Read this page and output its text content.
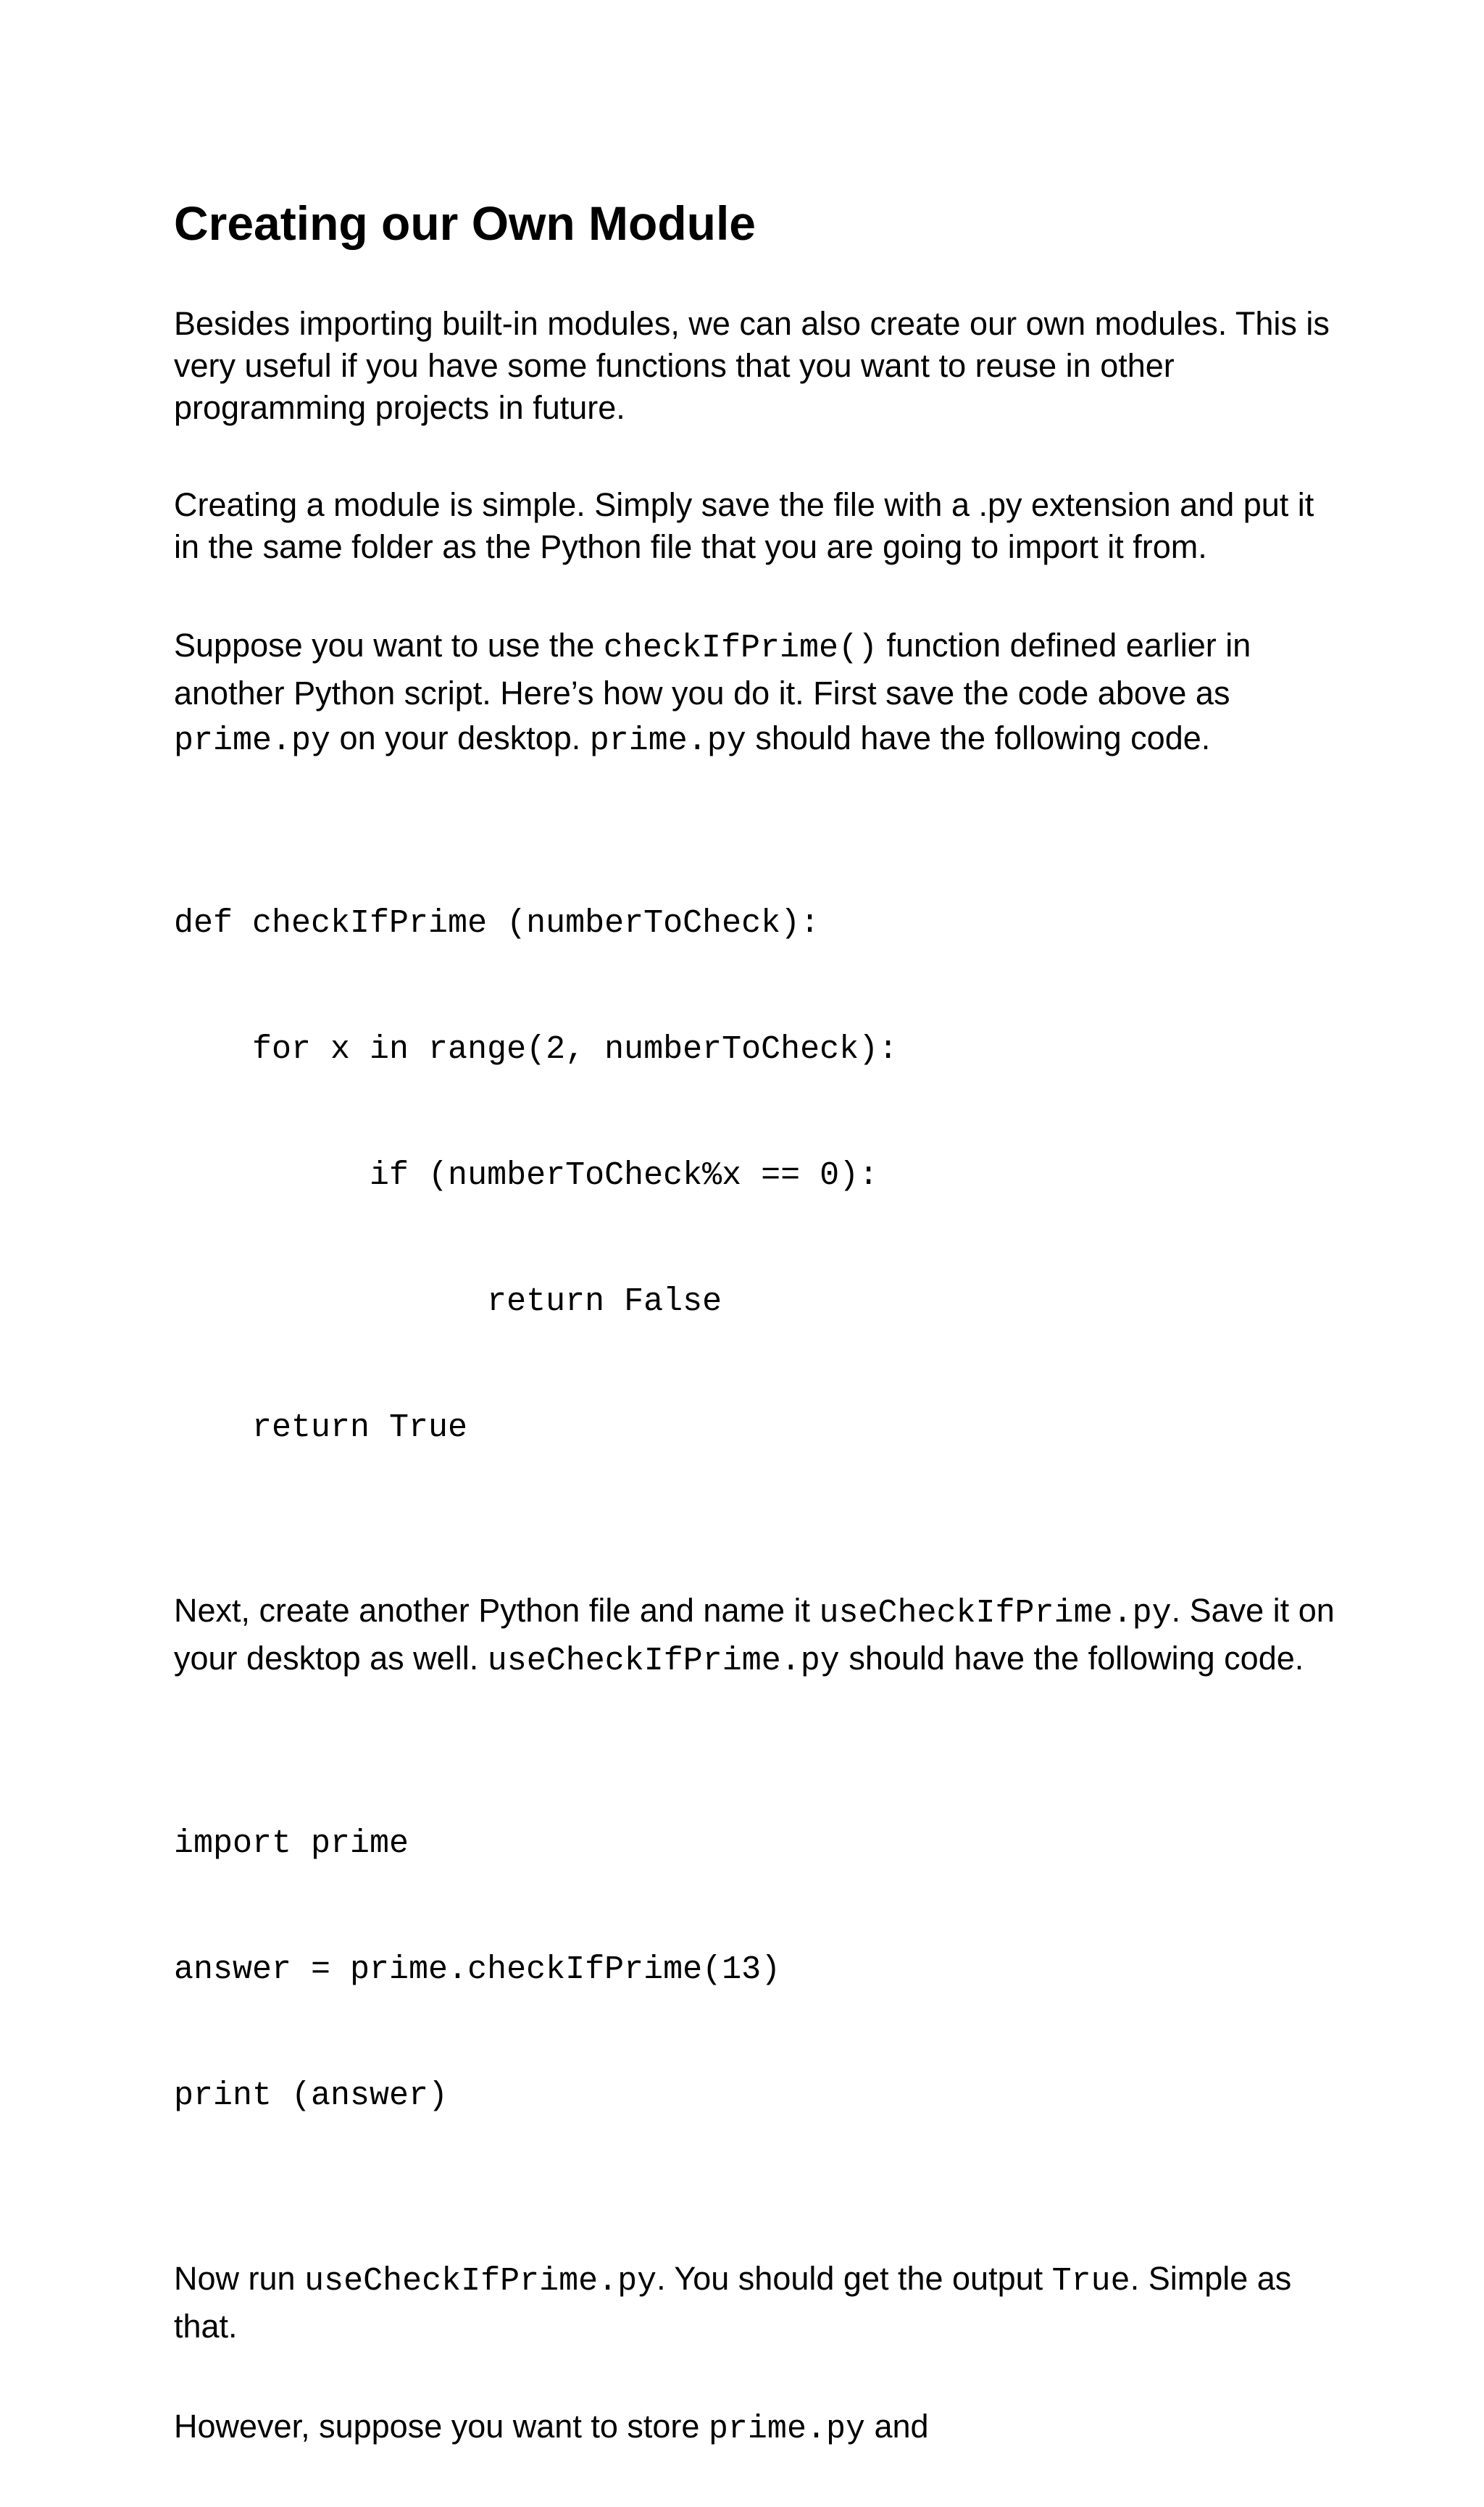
Creating our Own Module

Besides importing built-in modules, we can also create our own modules. This is very useful if you have some functions that you want to reuse in other programming projects in future.

Creating a module is simple. Simply save the file with a .py extension and put it in the same folder as the Python file that you are going to import it from.

Suppose you want to use the checkIfPrime() function defined earlier in another Python script. Here’s how you do it. First save the code above as prime.py on your desktop. prime.py should have the following code.

def checkIfPrime (numberToCheck):

for x in range(2, numberToCheck):

if (numberToCheck%x == 0):

return False

return True

Next, create another Python file and name it useCheckIfPrime.py. Save it on your desktop as well. useCheckIfPrime.py should have the following code.

import prime

answer = prime.checkIfPrime(13)

print (answer)

Now run useCheckIfPrime.py. You should get the output True. Simple as that.

However, suppose you want to store prime.py and
